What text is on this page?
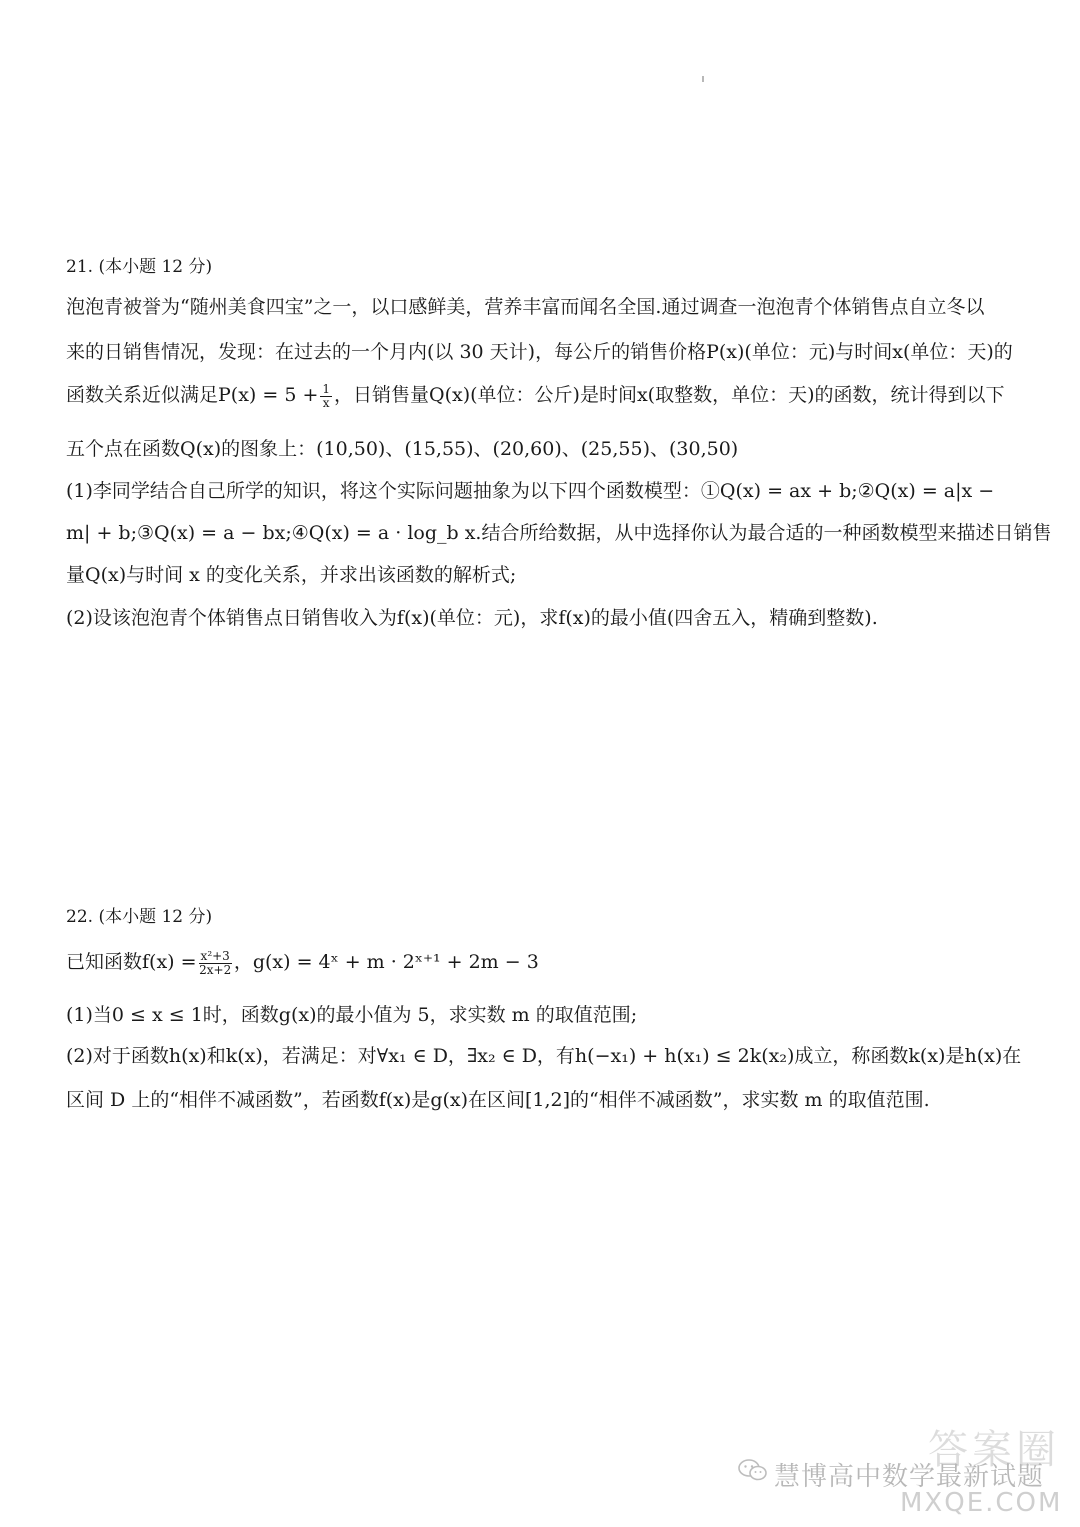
21. (本小题 12 分)
泡泡青被誉为“随州美食四宝”之一，以口感鲜美，营养丰富而闻名全国.通过调查一泡泡青个体销售点自立冬以
来的日销售情况，发现：在过去的一个月内(以 30 天计)，每公斤的销售价格P(x)(单位：元)与时间x(单位：天)的
函数关系近似满足$P(x) = 5 + \frac{1}{x}$ ，日销售量Q(x)(单位：公斤)是时间x(取整数，单位：天)的函数，统计得到以下
五个点在函数Q(x)的图象上：(10,50)、(15,55)、(20,60)、(25,55)、(30,50)
(1)李同学结合自己所学的知识，将这个实际问题抽象为以下四个函数模型：①Q(x) = ax + b;②Q(x) = a|x −
m| + b;③Q(x) = a − bx;④Q(x) = a · log_b x.结合所给数据，从中选择你认为最合适的一种函数模型来描述日销售
量Q(x)与时间 x 的变化关系，并求出该函数的解析式;
(2)设该泡泡青个体销售点日销售收入为f(x)(单位：元)，求f(x)的最小值(四舍五入，精确到整数).
22. (本小题 12 分)
已知函数$f(x) = \frac{\text{x²+3}}{2x+2}$ ，g(x) = 4ˣ + m · 2ˣ⁺¹ + 2m − 3
(1)当0 ≤ x ≤ 1时，函数g(x)的最小值为 5，求实数 m 的取值范围;
(2)对于函数h(x)和k(x)，若满足：对∀x₁ ∈ D，∃x₂ ∈ D，有h(−x₁) + h(x₁) ≤ 2k(x₂)成立，称函数k(x)是h(x)在
区间 D 上的“相伴不减函数”，若函数f(x)是g(x)在区间[1,2]的“相伴不减函数”，求实数 m 的取值范围.
答案圈
慧博高中数学最新试题
MXQE.COM
